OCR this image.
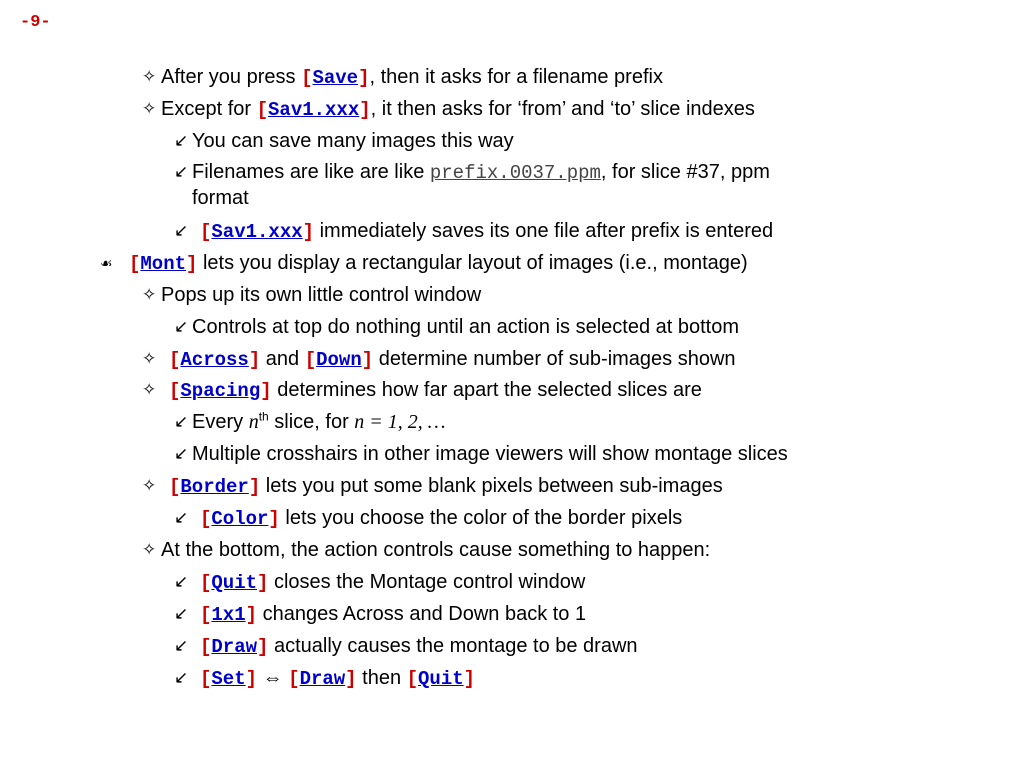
-9-
✧ After you press [Save], then it asks for a filename prefix
✧ Except for [Sav1.xxx], it then asks for ‘from’ and ‘to’ slice indexes
↙ You can save many images this way
↙ Filenames are like are like prefix.0037.ppm, for slice #37, ppm
format
↙ [Sav1.xxx] immediately saves its one file after prefix is entered
☙ [Mont] lets you display a rectangular layout of images (i.e., montage)
✧ Pops up its own little control window
↙ Controls at top do nothing until an action is selected at bottom
✧ [Across] and [Down] determine number of sub-images shown
✧ [Spacing] determines how far apart the selected slices are
↙ Every $n^{th}$ slice, for n = 1, 2, …
↙ Multiple crosshairs in other image viewers will show montage slices
✧ [Border] lets you put some blank pixels between sub-images
↙ [Color] lets you choose the color of the border pixels
✧ At the bottom, the action controls cause something to happen:
↙ [Quit] closes the Montage control window
↙ [1x1] changes Across and Down back to 1
↙ [Draw] actually causes the montage to be drawn
↙ [Set] ⇔ [Draw] then [Quit]
